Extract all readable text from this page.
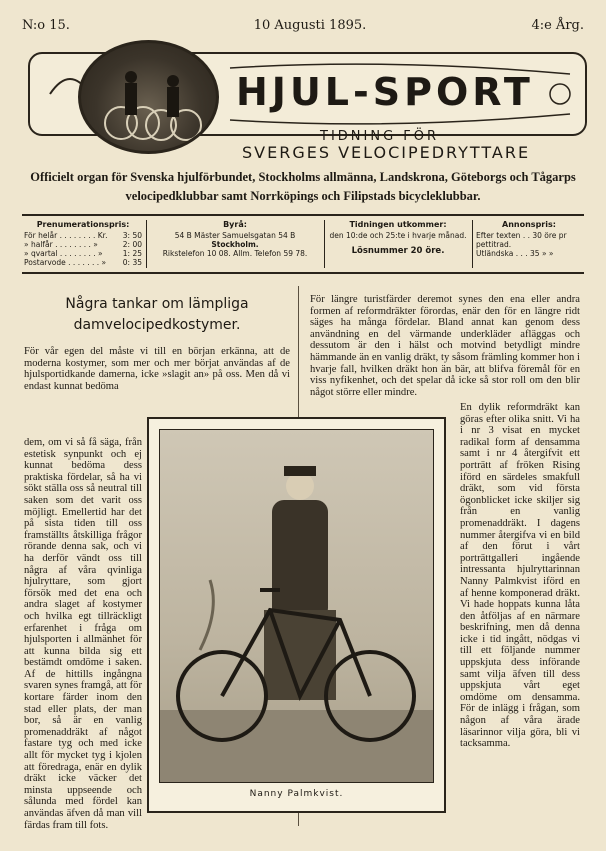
N:o 15.	10 Augusti 1895.	4:e Årg.
HJUL-SPORT
TIDNING FÖR
SVERGES VELOCIPEDRYTTARE
Officielt organ för Svenska hjulförbundet, Stockholms allmänna, Landskrona, Göteborgs och Tågarps velocipedklubbar samt Norrköpings och Filipstads bicycleklubbar.
Prenumerationspris:
För helår . . . . . . . . Kr. 3: 50
» halfår . . . . . . . . »	2: 00
» qvartal . . . . . . . . »	1: 25
Postarvode . . . . . . . » 0: 35
Byrå:
54 B Mäster Samuelsgatan 54 B
Stockholm.
Rikstelefon 10 08. Allm. Telefon 59 78.
Tidningen utkommer:
den 10:de och 25:te i hvarje månad.
Lösnummer 20 öre.
Annonspris:
Efter texten . . 30 öre pr pettitrad.
Utländska . . . 35 » »
Några tankar om lämpliga damvelocipedkostymer.
För vår egen del måste vi till en början erkänna, att de moderna kostymer, som mer och mer börjat användas af de hjulsportidkande damerna, icke »slagit an» på oss. Men då vi endast kunnat bedöma
dem, om vi så få säga, från estetisk synpunkt och ej kunnat bedöma dess praktiska fördelar, så ha vi sökt ställa oss så neutral till saken som det varit oss möjligt. Emellertid har det på sista tiden till oss framställts åtskilliga frågor rörande denna sak, och vi ha derför vändt oss till några af våra qvinliga hjulryttare, som gjort försök med det ena och andra slaget af kostymer och hvilka egt tillräckligt erfarenhet i fråga om hjulsporten i allmänhet för att kunna bilda sig ett bestämdt omdöme i saken. Af de hittills ingångna svaren synes framgå, att för kortare färder inom den stad eller plats, der man bor, så är en vanlig promenaddräkt af något fastare tyg och med icke allt för mycket tyg i kjolen att föredraga, enär en dylik dräkt icke väcker det minsta uppseende och sålunda med fördel kan användas äfven då man vill färdas fram till fots.
För längre turistfärder deremot synes den ena eller andra formen af reformdräkter förordas, enär den för en längre ridt säges ha många fördelar. Bland annat kan genom dess användning en del värmande underkläder afläggas och dessutom är den i hälst och motvind betydligt mindre hämmande än en vanlig dräkt, ty såsom främling kommer hon i hvarje fall, hvilken dräkt hon än bär, att blifva föremål för en viss nyfikenhet, och det spelar då icke så stor roll om den blir något större eller mindre.
En dylik reformdräkt kan göras efter olika snitt. Vi ha i nr 3 visat en mycket radikal form af densamma samt i nr 4 återgifvit ett porträtt af fröken Rising iförd en särdeles smakfull dräkt, som vid första ögonblicket icke skiljer sig från en vanlig promenaddräkt. I dagens nummer återgifva vi en bild af den förut i vårt porträttgalleri ingående intressanta hjulryttarinnan Nanny Palmkvist iförd en af henne komponerad dräkt. Vi hade hoppats kunna låta den åtföljas af en närmare beskrifning, men då denna icke i tid ingått, nödgas vi till ett följande nummer uppskjuta dess införande samt vilja äfven till dess uppskjuta vårt eget omdöme om densamma. För de inlägg i frågan, som någon af våra ärade läsarinnor vilja göra, bli vi tacksamma.
Nanny Palmkvist.
